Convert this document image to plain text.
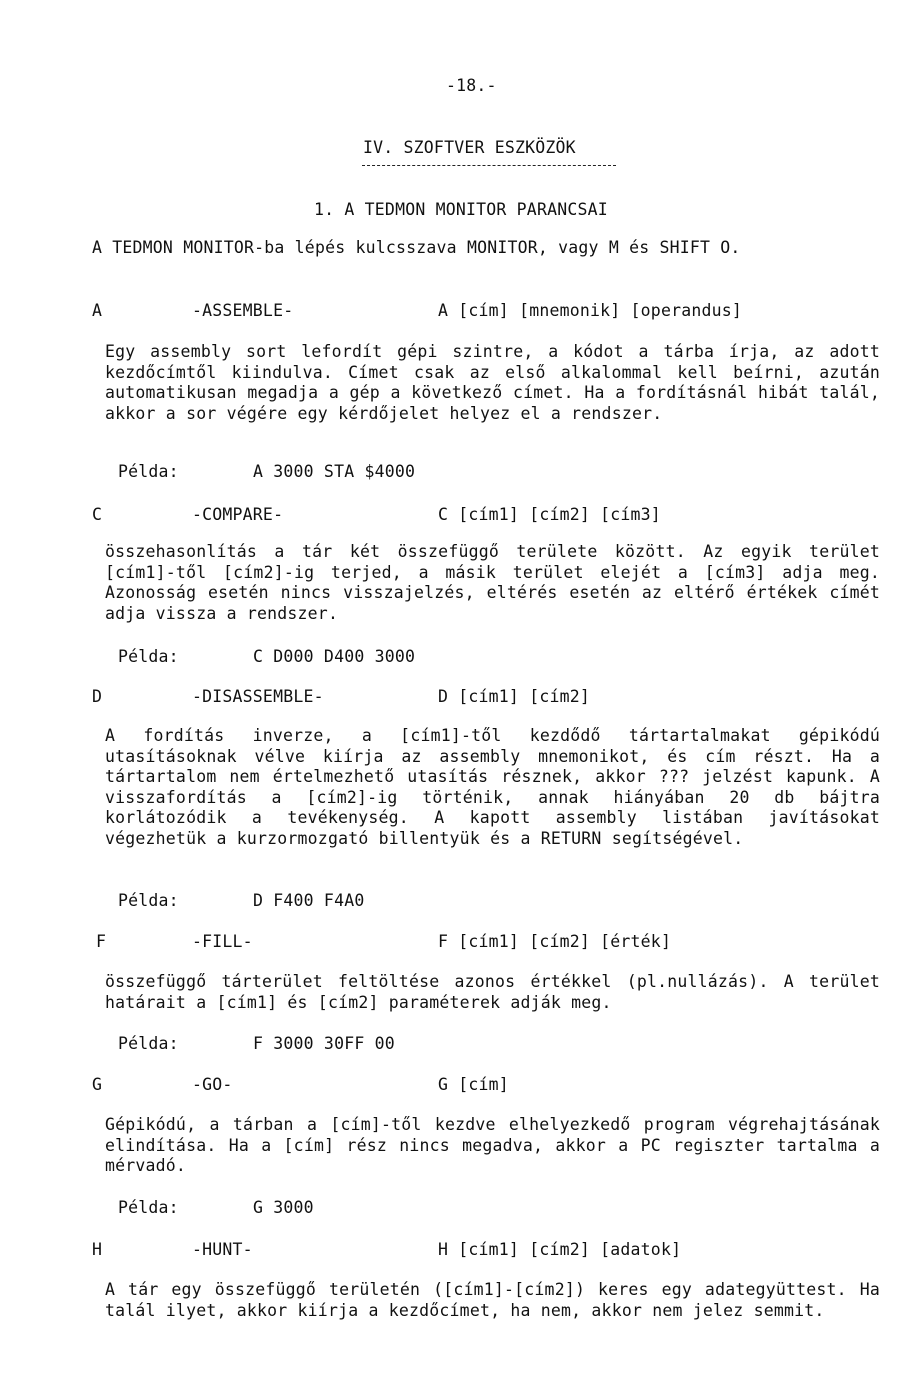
-18.-
IV. SZOFTVER ESZKÖZÖK
1. A TEDMON MONITOR PARANCSAI
A TEDMON MONITOR-ba lépés kulcsszava MONITOR, vagy M és SHIFT O.
A	-ASSEMBLE-	A [cím] [mnemonik] [operandus]
Egy assembly sort lefordít gépi szintre, a kódot a tárba írja, az adott kezdőcímtől kiindulva. Címet csak az első alkalommal kell beírni, azután automatikusan megadja a gép a következő címet. Ha a fordításnál hibát talál, akkor a sor végére egy kérdőjelet helyez el a rendszer.
Példa:	A 3000 STA $4000
C	-COMPARE-	C [cím1] [cím2] [cím3]
összehasonlítás a tár két összefüggő területe között. Az egyik terület [cím1]-től [cím2]-ig terjed, a másik terület elejét a [cím3] adja meg. Azonosság esetén nincs visszajelzés, eltérés esetén az eltérő értékek címét adja vissza a rendszer.
Példa:	C D000 D400 3000
D	-DISASSEMBLE-	D [cím1] [cím2]
A fordítás inverze, a [cím1]-től kezdődő tártartalmakat gépikódú utasításoknak vélve kiírja az assembly mnemonikot, és cím részt. Ha a tártartalom nem értelmezhető utasítás résznek, akkor ??? jelzést kapunk. A visszafordítás a [cím2]-ig történik, annak hiányában 20 db bájtra korlátozódik a tevékenység. A kapott assembly listában javításokat végezhetük a kurzormozgató billentyük és a RETURN segítségével.
Példa:	D F400 F4A0
F	-FILL-	F [cím1] [cím2] [érték]
összefüggő tárterület feltöltése azonos értékkel (pl.nullázás). A terület határait a [cím1] és [cím2] paraméterek adják meg.
Példa:	F 3000 30FF 00
G	-GO-	G [cím]
Gépikódú, a tárban a [cím]-től kezdve elhelyezkedő program végrehajtásának elindítása. Ha a [cím] rész nincs megadva, akkor a PC regiszter tartalma a mérvadó.
Példa:	G 3000
H	-HUNT-	H [cím1] [cím2] [adatok]
A tár egy összefüggő területén ([cím1]-[cím2]) keres egy adategyüttest. Ha talál ilyet, akkor kiírja a kezdőcímet, ha nem, akkor nem jelez semmit.
